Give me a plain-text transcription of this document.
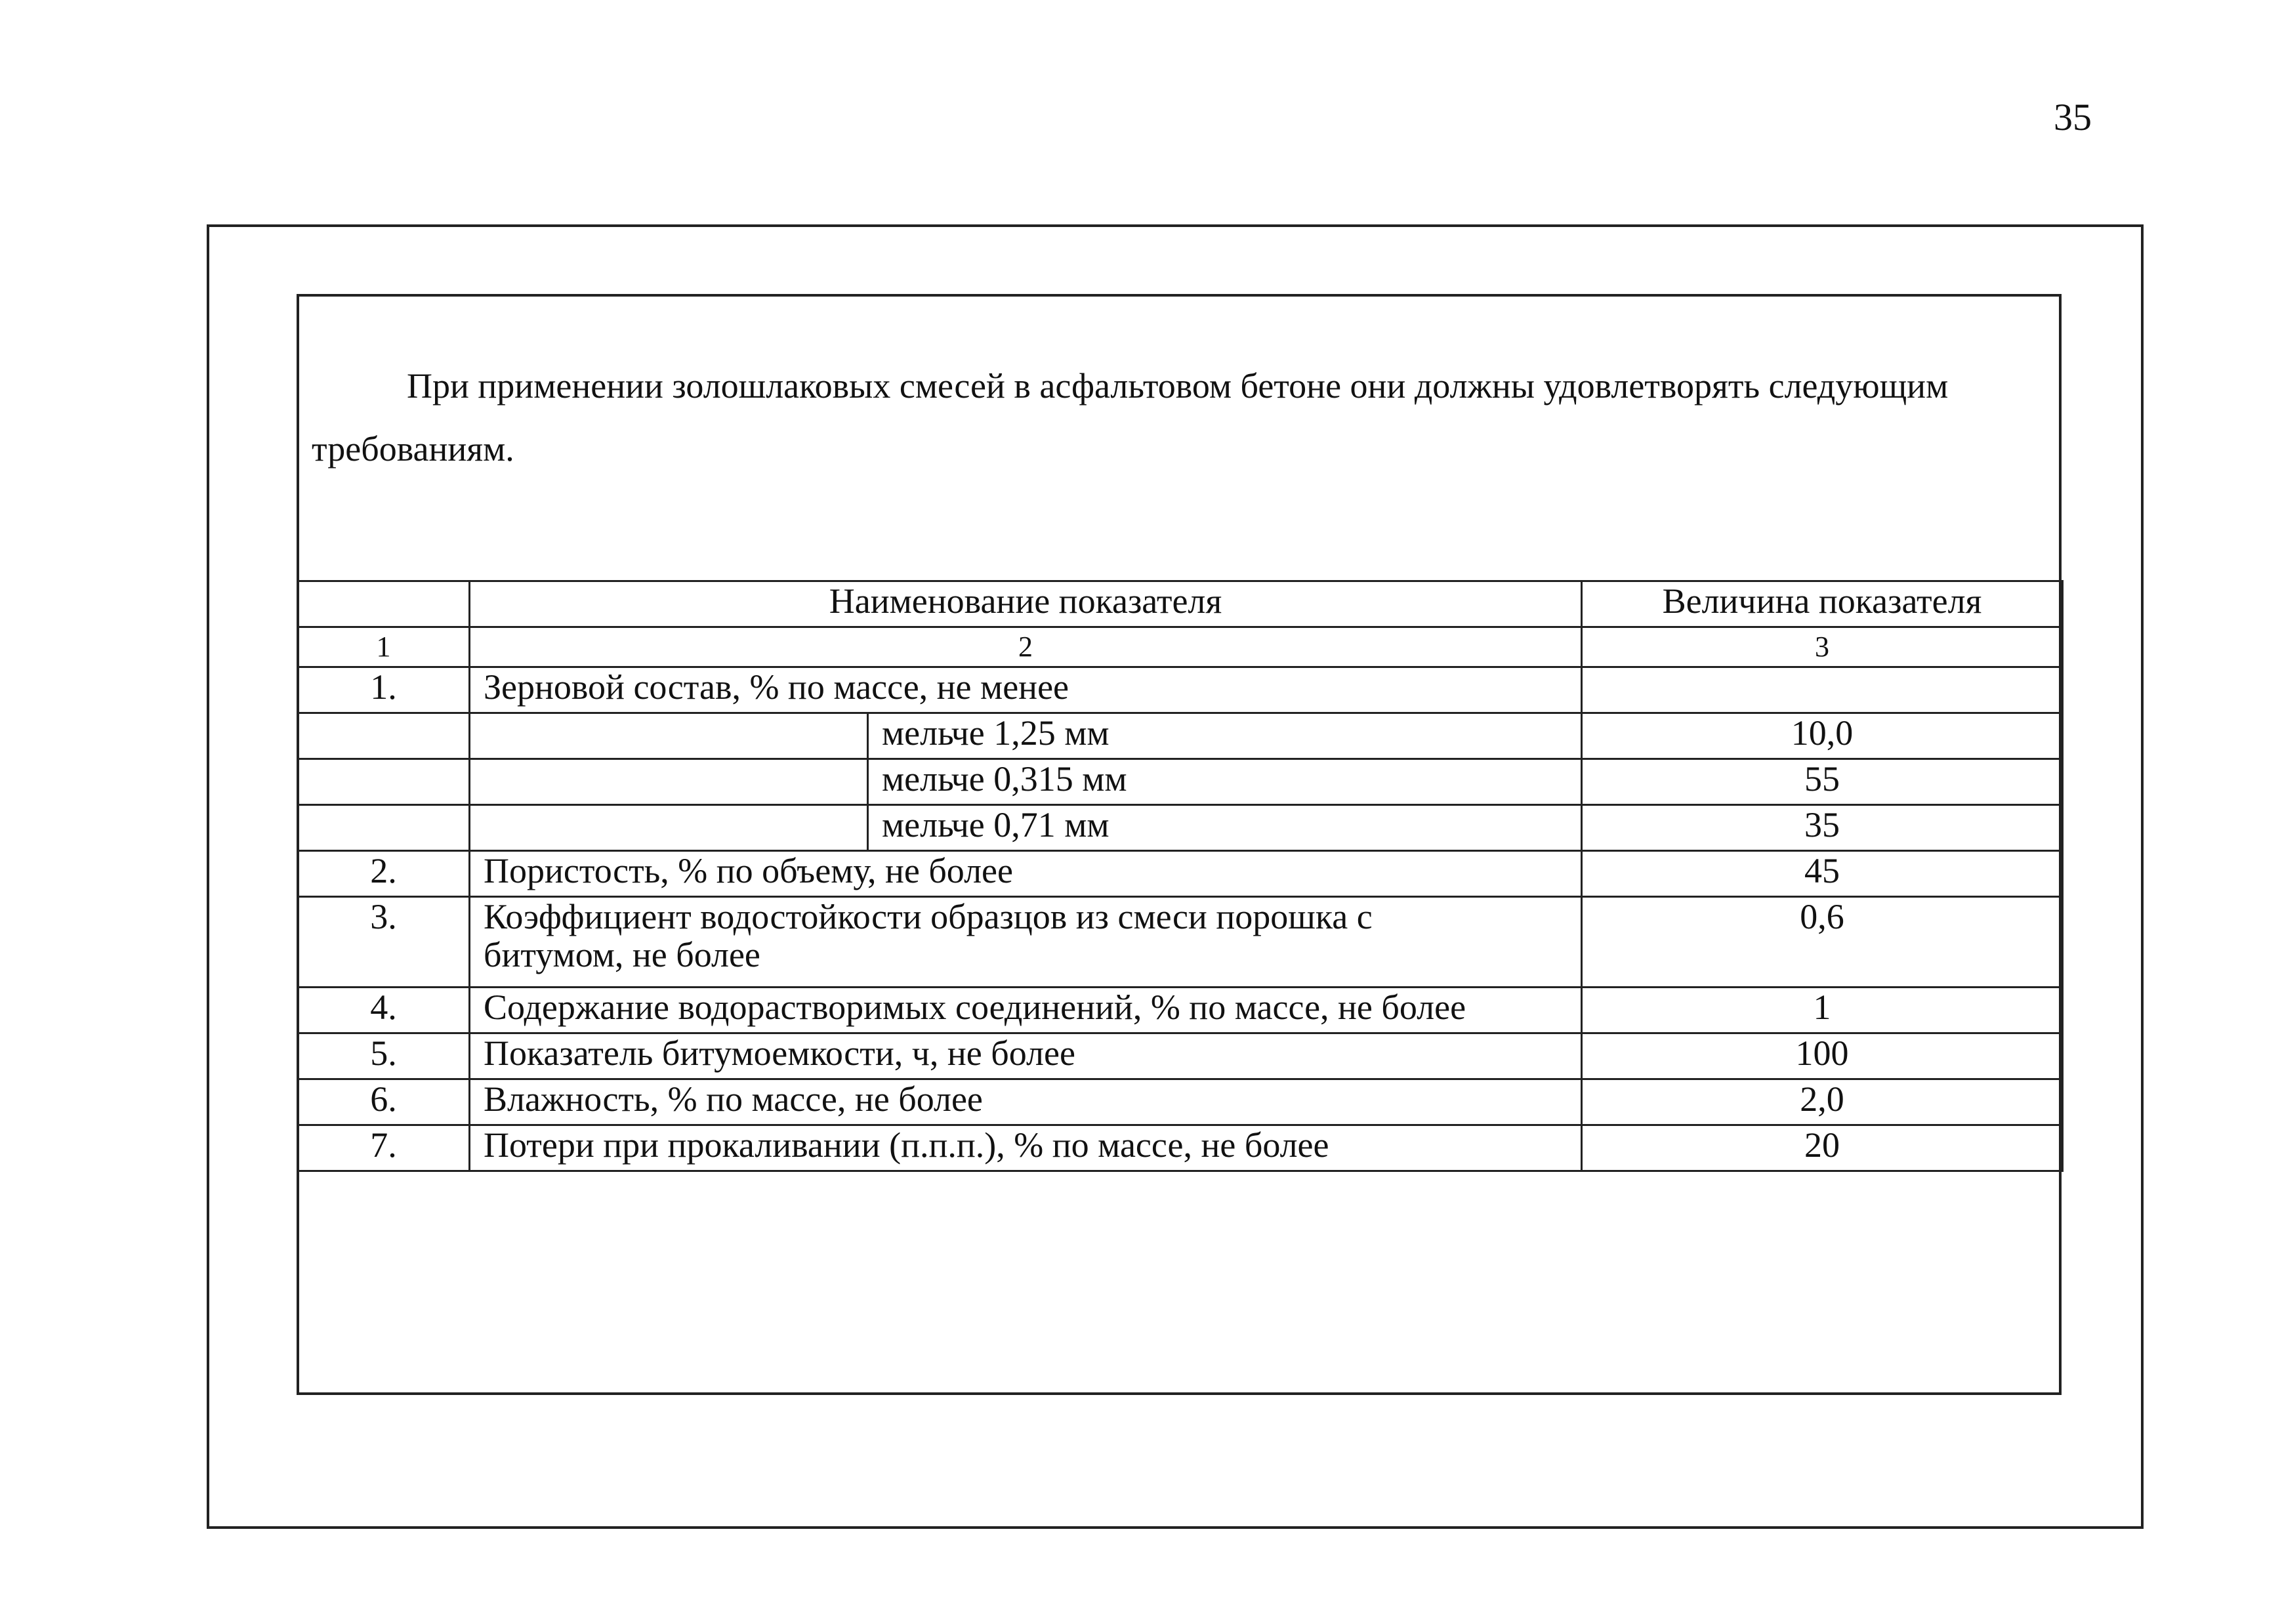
35

При применении золошлаковых смесей в асфальтовом бетоне они должны удовлетворять следующим требованиям.

	Наименование показателя		Величина показателя
1	2		3
1.	Зерновой состав, % по массе, не менее		
		мельче 1,25 мм	10,0
		мельче 0,315 мм	55
		мельче 0,71 мм	35
2.	Пористость, % по объему, не более		45
3.	Коэффициент водостойкости образцов из смеси порошка с битумом, не более		0,6
4.	Содержание водорастворимых соединений, % по массе, не более		1
5.	Показатель битумоемкости, ч, не более		100
6.	Влажность, % по массе, не более		2,0
7.	Потери при прокаливании (п.п.п.), % по массе, не более		20
